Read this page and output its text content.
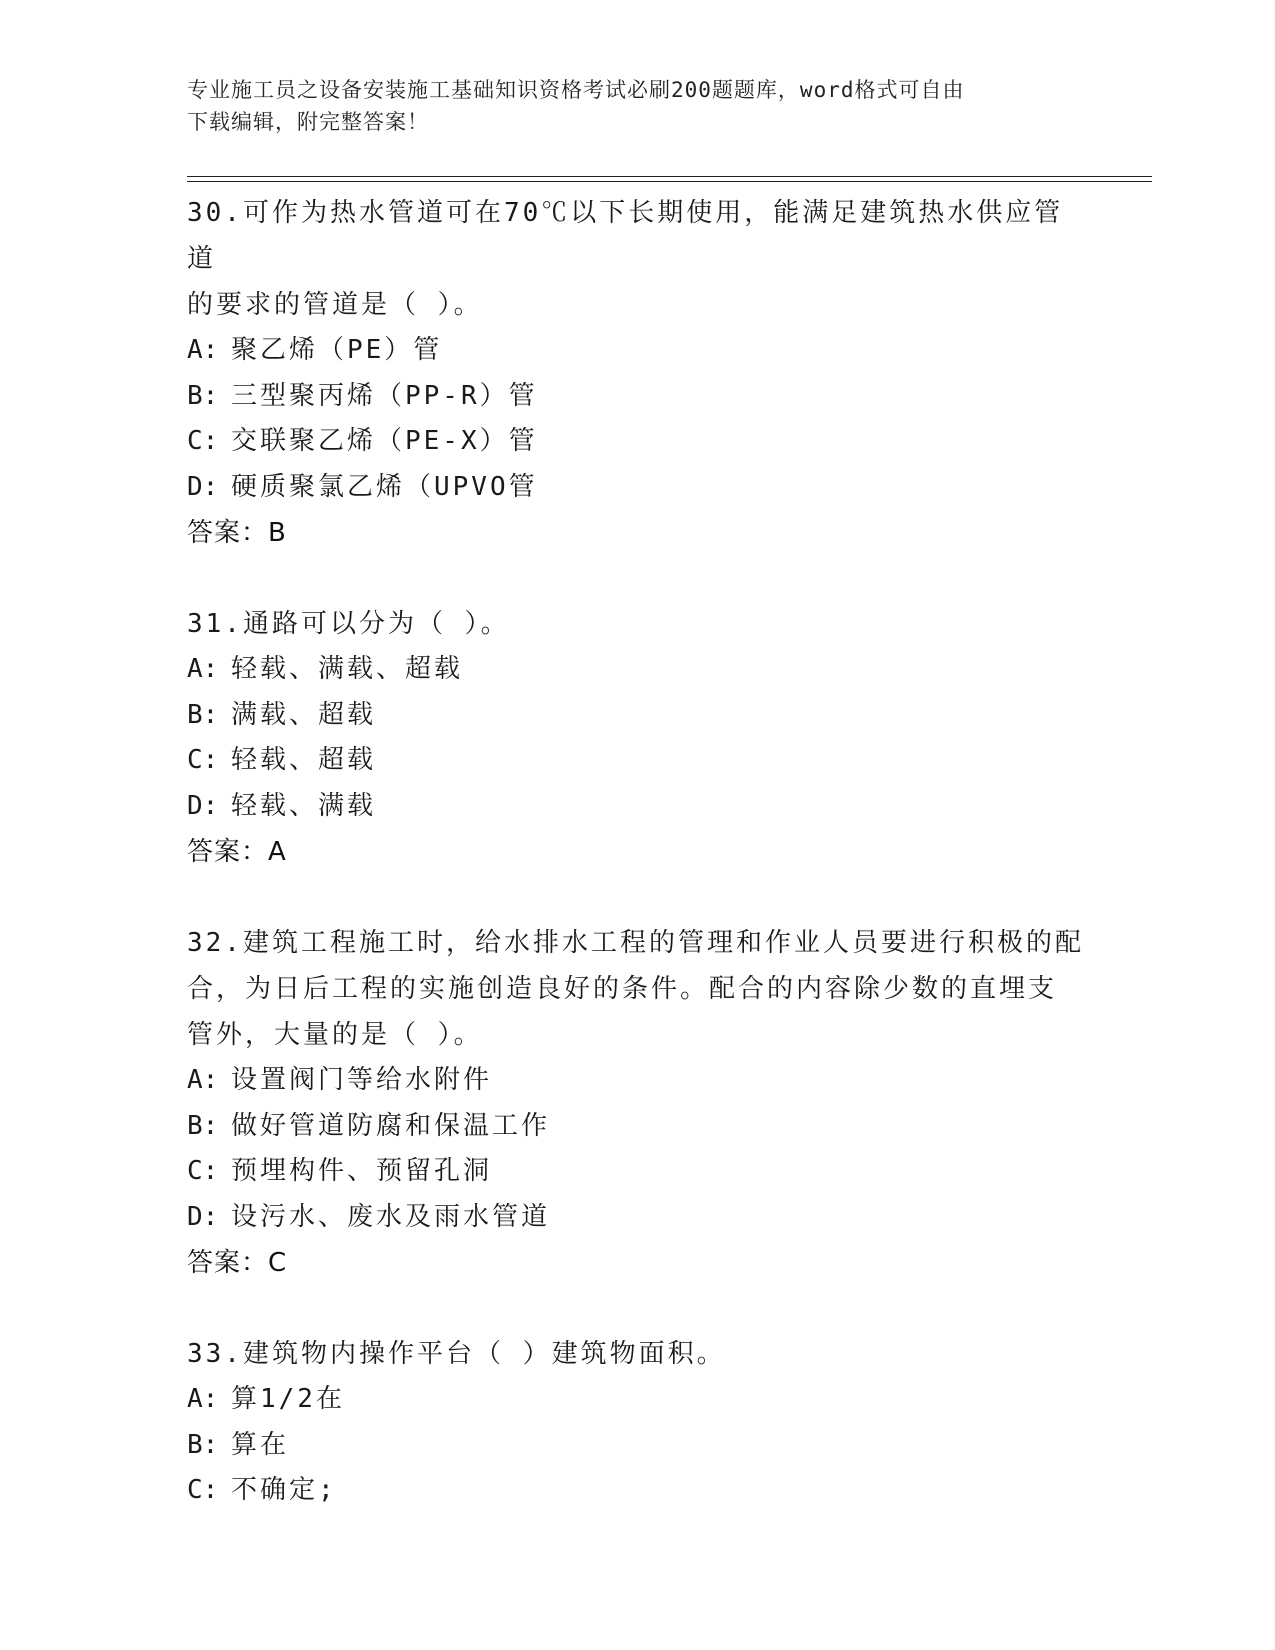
专业施工员之设备安装施工基础知识资格考试必刷200题题库，word格式可自由
下载编辑，附完整答案！
30.可作为热水管道可在70℃以下长期使用，能满足建筑热水供应管道
的要求的管道是（ ）。
A: 聚乙烯（PE）管
B: 三型聚丙烯（PP-R）管
C: 交联聚乙烯（PE-X）管
D: 硬质聚氯乙烯（UPVO管
答案：B
31.通路可以分为（ ）。
A: 轻载、满载、超载
B: 满载、超载
C: 轻载、超载
D: 轻载、满载
答案：A
32.建筑工程施工时，给水排水工程的管理和作业人员要进行积极的配
合，为日后工程的实施创造良好的条件。配合的内容除少数的直埋支
管外，大量的是（ ）。
A: 设置阀门等给水附件
B: 做好管道防腐和保温工作
C: 预埋构件、预留孔洞
D: 设污水、废水及雨水管道
答案：C
33.建筑物内操作平台（ ）建筑物面积。
A: 算1/2在
B: 算在
C: 不确定;
